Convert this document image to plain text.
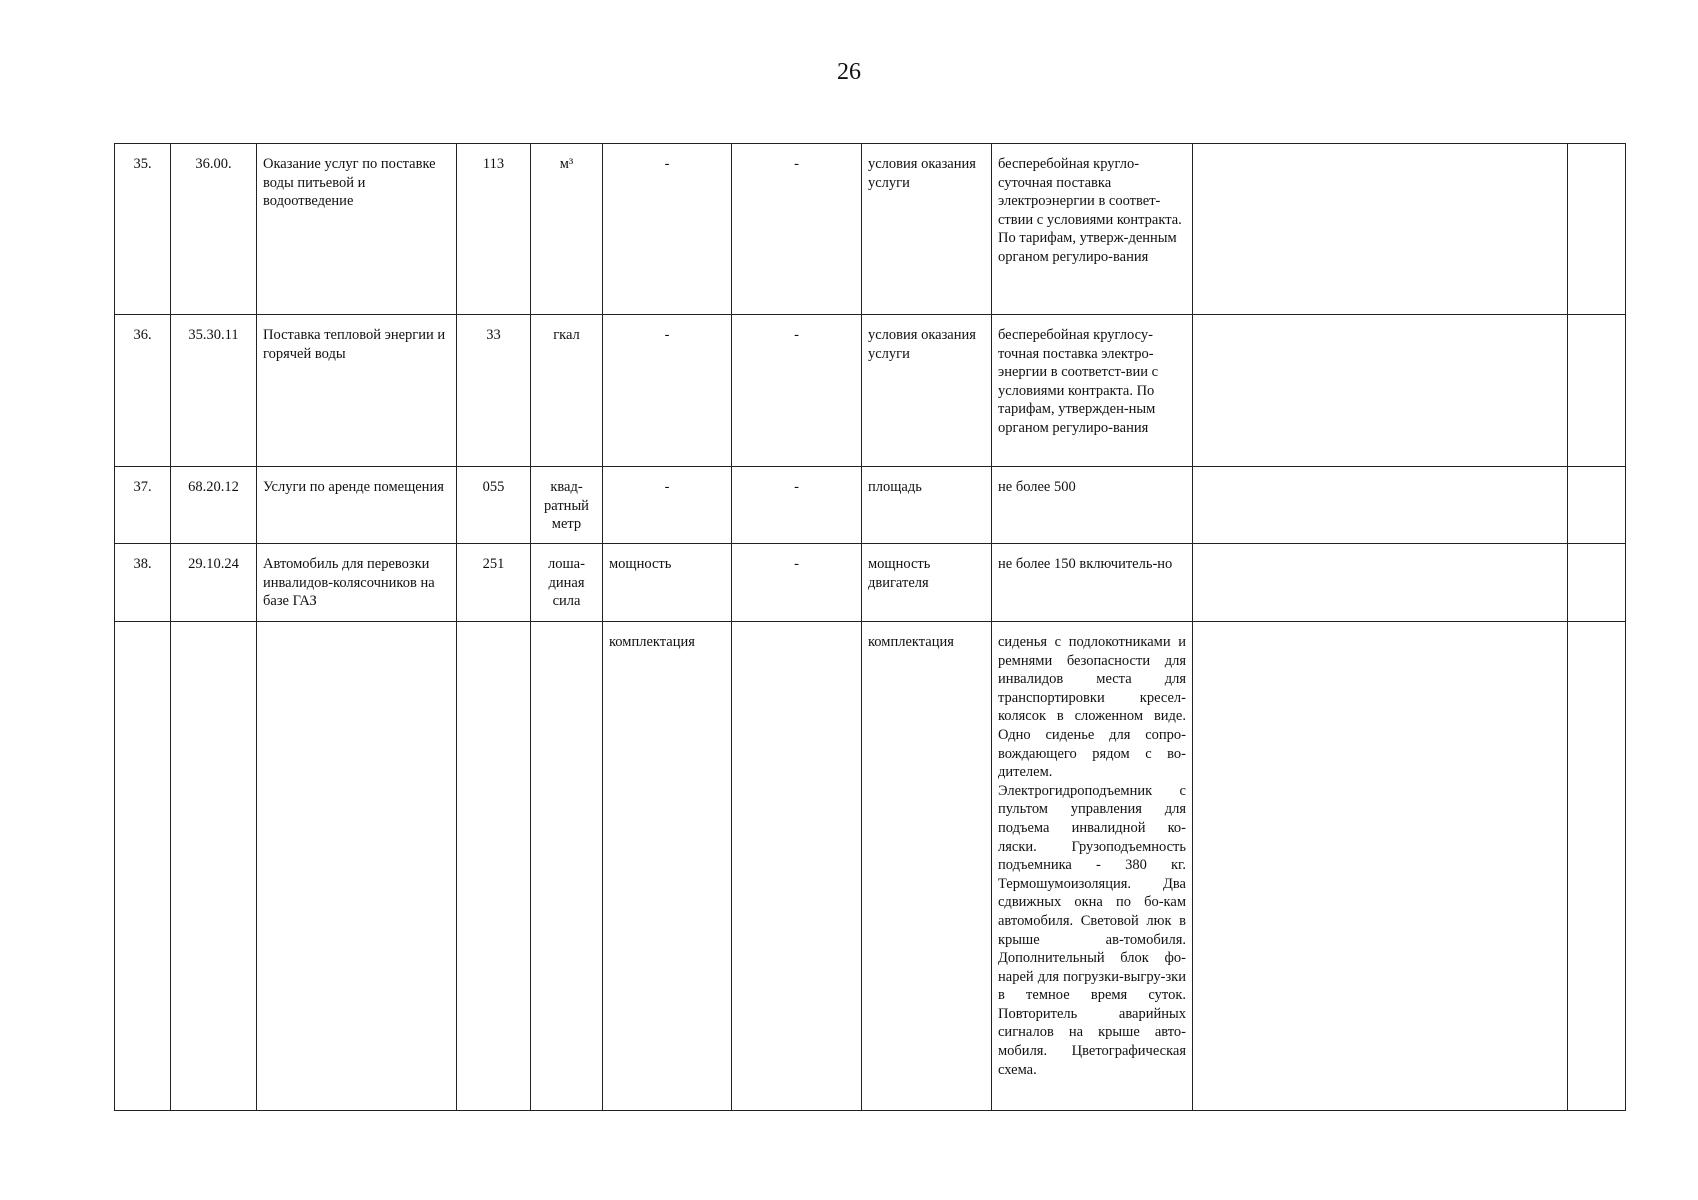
26
35.	36.00.	Оказание услуг по поставке воды питьевой и водоотведение	113	м³	-	-	условия оказания услуги	бесперебойная кругло-суточная поставка электроэнергии в соответ-ствии с условиями контракта. По тарифам, утверж-денным органом регулиро-вания		
36.	35.30.11	Поставка тепловой энергии и горячей воды	33	гкал	-	-	условия оказания услуги	бесперебойная круглосу-точная поставка электро-энергии в соответст-вии с условиями контракта. По тарифам, утвержден-ным органом регулиро-вания		
37.	68.20.12	Услуги по аренде помещения	055	квад-ратный метр	-	-	площадь	не более 500		
38.	29.10.24	Автомобиль для перевозки инвалидов-колясочников на базе ГАЗ	251	лоша-диная сила	мощность	-	мощность двигателя	не более 150 включитель-но		
					комплектация		комплектация	сиденья с подлокотниками и ремнями безопасности для инвалидов места для транспортировки кресел-колясок в сложенном виде. Одно сиденье для сопро-вождающего рядом с во-дителем. Электрогидроподъемник с пультом управления для подъема инвалидной ко-ляски. Грузоподъемность подъемника - 380 кг. Термошумоизоляция. Два сдвижных окна по бо-кам автомобиля. Световой люк в крыше ав-томобиля. Дополнительный блок фо-нарей для погрузки-выгру-зки в темное время суток. Повторитель аварийных сигналов на крыше авто-мобиля. Цветографическая схема.		
